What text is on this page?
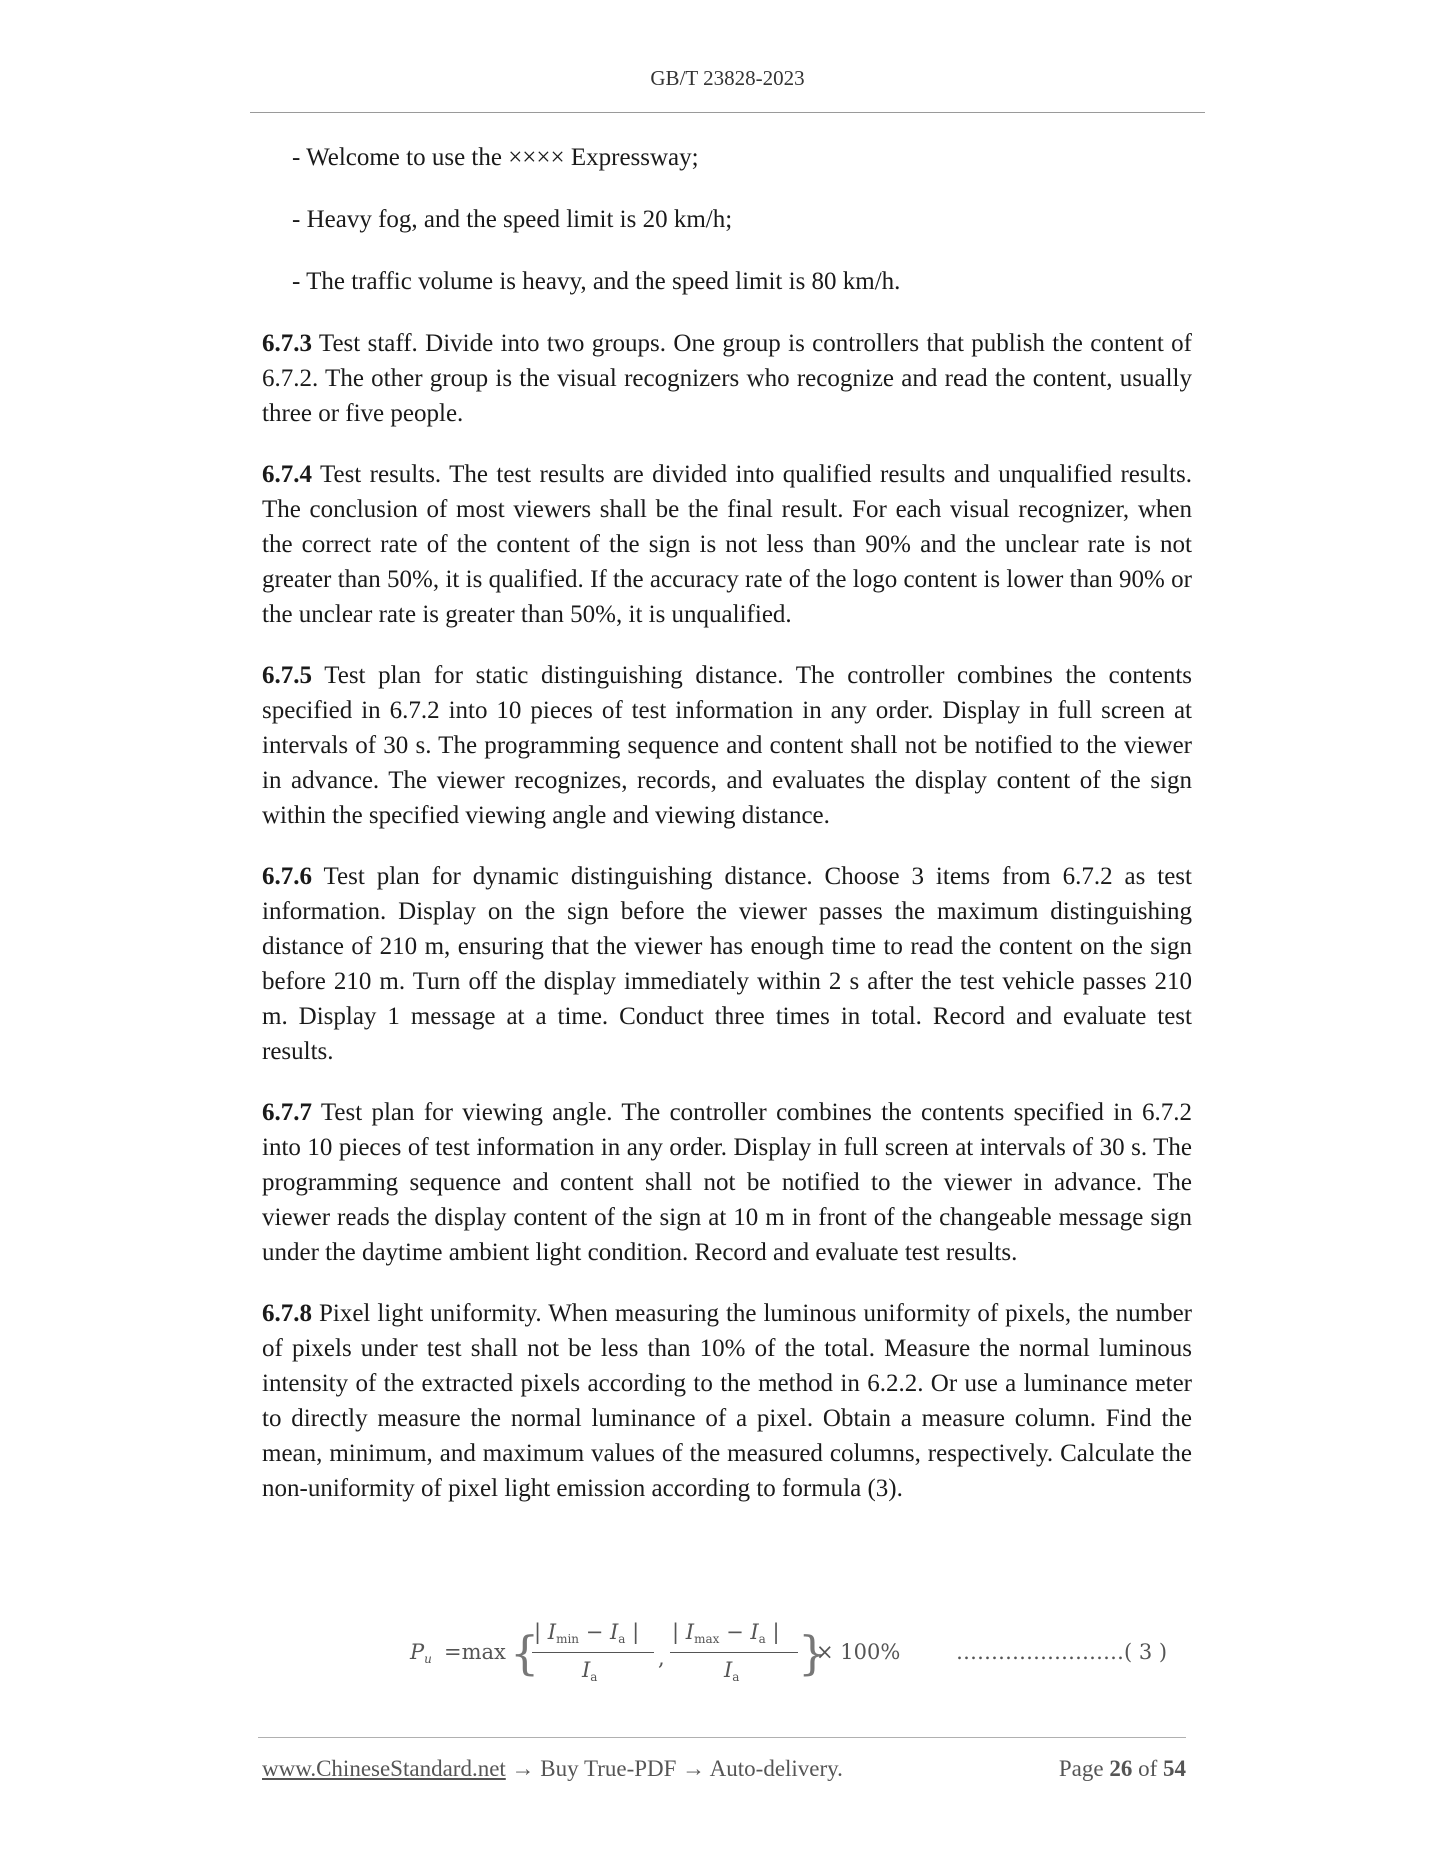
GB/T 23828-2023

- Welcome to use the ×××× Expressway;

- Heavy fog, and the speed limit is 20 km/h;

- The traffic volume is heavy, and the speed limit is 80 km/h.

6.7.3 Test staff. Divide into two groups. One group is controllers that publish the content of 6.7.2. The other group is the visual recognizers who recognize and read the content, usually three or five people.

6.7.4 Test results. The test results are divided into qualified results and unqualified results. The conclusion of most viewers shall be the final result. For each visual recognizer, when the correct rate of the content of the sign is not less than 90% and the unclear rate is not greater than 50%, it is qualified. If the accuracy rate of the logo content is lower than 90% or the unclear rate is greater than 50%, it is unqualified.

6.7.5 Test plan for static distinguishing distance. The controller combines the contents specified in 6.7.2 into 10 pieces of test information in any order. Display in full screen at intervals of 30 s. The programming sequence and content shall not be notified to the viewer in advance. The viewer recognizes, records, and evaluates the display content of the sign within the specified viewing angle and viewing distance.

6.7.6 Test plan for dynamic distinguishing distance. Choose 3 items from 6.7.2 as test information. Display on the sign before the viewer passes the maximum distinguishing distance of 210 m, ensuring that the viewer has enough time to read the content on the sign before 210 m. Turn off the display immediately within 2 s after the test vehicle passes 210 m. Display 1 message at a time. Conduct three times in total. Record and evaluate test results.

6.7.7 Test plan for viewing angle. The controller combines the contents specified in 6.7.2 into 10 pieces of test information in any order. Display in full screen at intervals of 30 s. The programming sequence and content shall not be notified to the viewer in advance. The viewer reads the display content of the sign at 10 m in front of the changeable message sign under the daytime ambient light condition. Record and evaluate test results.

6.7.8 Pixel light uniformity. When measuring the luminous uniformity of pixels, the number of pixels under test shall not be less than 10% of the total. Measure the normal luminous intensity of the extracted pixels according to the method in 6.2.2. Or use a luminance meter to directly measure the normal luminance of a pixel. Obtain a measure column. Find the mean, minimum, and maximum values of the measured columns, respectively. Calculate the non-uniformity of pixel light emission according to formula (3).

$P_u =\max$ {
| $I_{min} - I_a$ |
$I_a$
,
| $I_{max} - I_a$ |
$I_a$ }
× 100%	……………………( 3 )
www.ChineseStandard.net → Buy True-PDF → Auto-delivery.	Page 26 of 54
